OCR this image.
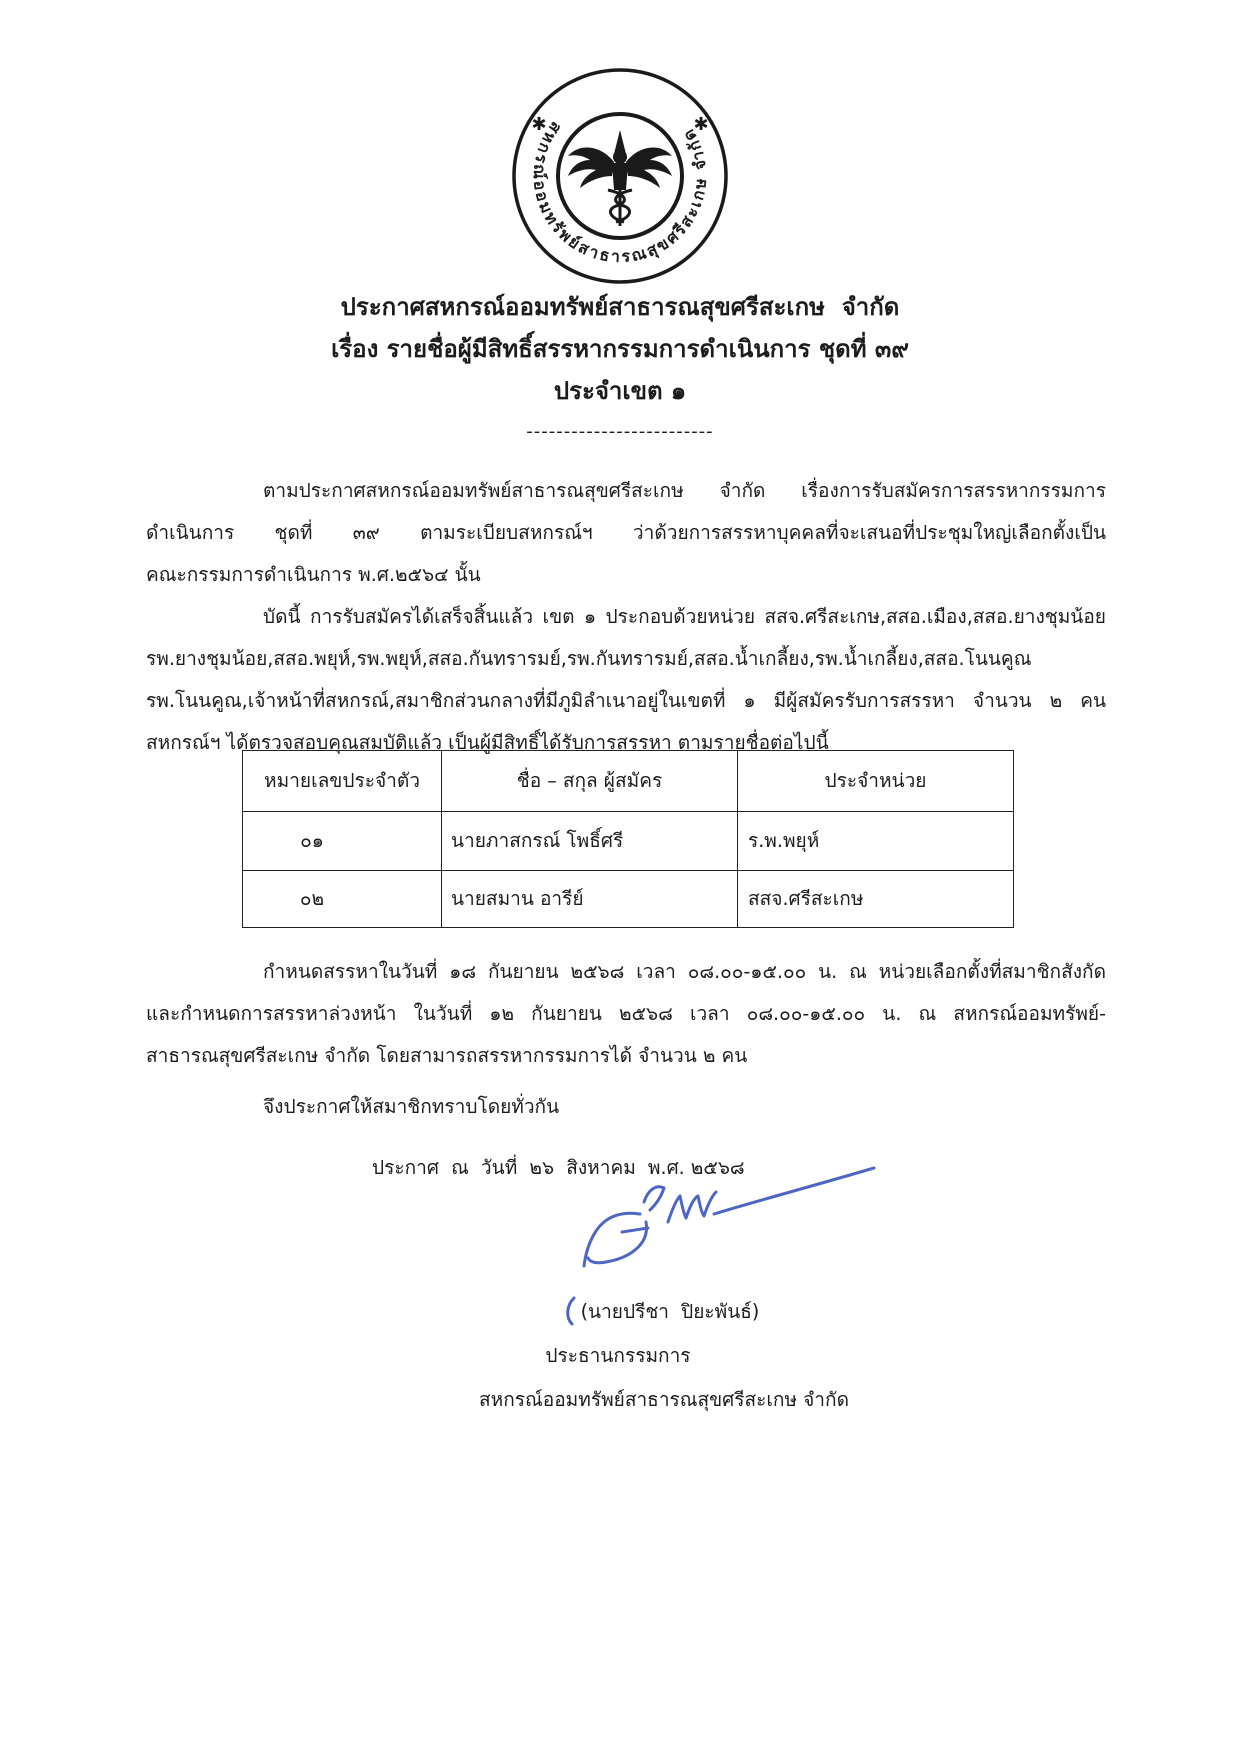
สหกรณ์ออมทรัพย์สาธารณสุขศรีสะเกษ จำกัด
✱	✱
ประกาศสหกรณ์ออมทรัพย์สาธารณสุขศรีสะเกษ  จำกัด
เรื่อง รายชื่อผู้มีสิทธิ์สรรหากรรมการดำเนินการ ชุดที่ ๓๙
ประจำเขต ๑
-------------------------
ตามประกาศสหกรณ์ออมทรัพย์สาธารณสุขศรีสะเกษ จำกัด เรื่องการรับสมัครการสรรหากรรมการ
ดำเนินการ ชุดที่ ๓๙ ตามระเบียบสหกรณ์ฯ ว่าด้วยการสรรหาบุคคลที่จะเสนอที่ประชุมใหญ่เลือกตั้งเป็น
คณะกรรมการดำเนินการ พ.ศ.๒๕๖๔ นั้น
บัดนี้ การรับสมัครได้เสร็จสิ้นแล้ว เขต ๑ ประกอบด้วยหน่วย สสจ.ศรีสะเกษ,สสอ.เมือง,สสอ.ยางชุมน้อย
รพ.ยางชุมน้อย,สสอ.พยุห์,รพ.พยุห์,สสอ.กันทรารมย์,รพ.กันทรารมย์,สสอ.น้ำเกลี้ยง,รพ.น้ำเกลี้ยง,สสอ.โนนคูณ
รพ.โนนคูณ,เจ้าหน้าที่สหกรณ์,สมาชิกส่วนกลางที่มีภูมิลำเนาอยู่ในเขตที่ ๑ มีผู้สมัครรับการสรรหา จำนวน ๒ คน
สหกรณ์ฯ ได้ตรวจสอบคุณสมบัติแล้ว เป็นผู้มีสิทธิ์ได้รับการสรรหา ตามรายชื่อต่อไปนี้
หมายเลขประจำตัว	ชื่อ – สกุล ผู้สมัคร	ประจำหน่วย
๐๑	นายภาสกรณ์ โพธิ์ศรี	ร.พ.พยุห์
๐๒	นายสมาน อารีย์	สสจ.ศรีสะเกษ
กำหนดสรรหาในวันที่ ๑๘ กันยายน ๒๕๖๘ เวลา ๐๘.๐๐-๑๕.๐๐ น. ณ หน่วยเลือกตั้งที่สมาชิกสังกัด
และกำหนดการสรรหาล่วงหน้า ในวันที่ ๑๒ กันยายน ๒๕๖๘ เวลา ๐๘.๐๐-๑๕.๐๐ น. ณ สหกรณ์ออมทรัพย์-
สาธารณสุขศรีสะเกษ จำกัด โดยสามารถสรรหากรรมการได้ จำนวน ๒ คน
จึงประกาศให้สมาชิกทราบโดยทั่วกัน
ประกาศ  ณ  วันที่  ๒๖  สิงหาคม  พ.ศ. ๒๕๖๘
(นายปรีชา  ปิยะพันธ์)
ประธานกรรมการ
สหกรณ์ออมทรัพย์สาธารณสุขศรีสะเกษ จำกัด
